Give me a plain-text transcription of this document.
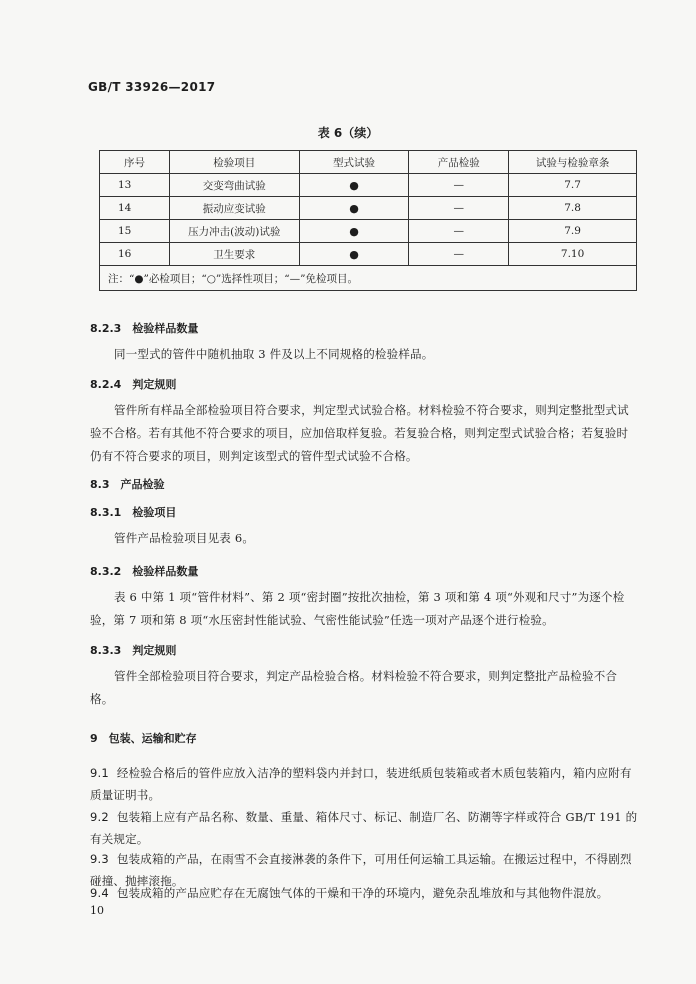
GB/T 33926—2017
表 6（续）
序号	检验项目	型式试验	产品检验	试验与检验章条
13	交变弯曲试验	●	—	7.7
14	振动应变试验	●	—	7.8
15	压力冲击(波动)试验	●	—	7.9
16	卫生要求	●	—	7.10
注：“●”必检项目；“○”选择性项目；“—”免检项目。				
8.2.3　检验样品数量
同一型式的管件中随机抽取 3 件及以上不同规格的检验样品。
8.2.4　判定规则
管件所有样品全部检验项目符合要求，判定型式试验合格。材料检验不符合要求，则判定整批型式试验不合格。若有其他不符合要求的项目，应加倍取样复验。若复验合格，则判定型式试验合格；若复验时仍有不符合要求的项目，则判定该型式的管件型式试验不合格。
8.3　产品检验
8.3.1　检验项目
管件产品检验项目见表 6。
8.3.2　检验样品数量
表 6 中第 1 项“管件材料”、第 2 项“密封圈”按批次抽检，第 3 项和第 4 项“外观和尺寸”为逐个检验，第 7 项和第 8 项“水压密封性能试验、气密性能试验”任选一项对产品逐个进行检验。
8.3.3　判定规则
管件全部检验项目符合要求，判定产品检验合格。材料检验不符合要求，则判定整批产品检验不合格。
9　包装、运输和贮存
9.1 经检验合格后的管件应放入洁净的塑料袋内并封口，装进纸质包装箱或者木质包装箱内，箱内应附有质量证明书。
9.2 包装箱上应有产品名称、数量、重量、箱体尺寸、标记、制造厂名、防潮等字样或符合 GB/T 191 的有关规定。
9.3 包装成箱的产品，在雨雪不会直接淋袭的条件下，可用任何运输工具运输。在搬运过程中，不得剧烈碰撞、抛摔滚拖。
9.4 包装成箱的产品应贮存在无腐蚀气体的干燥和干净的环境内，避免杂乱堆放和与其他物件混放。
10
